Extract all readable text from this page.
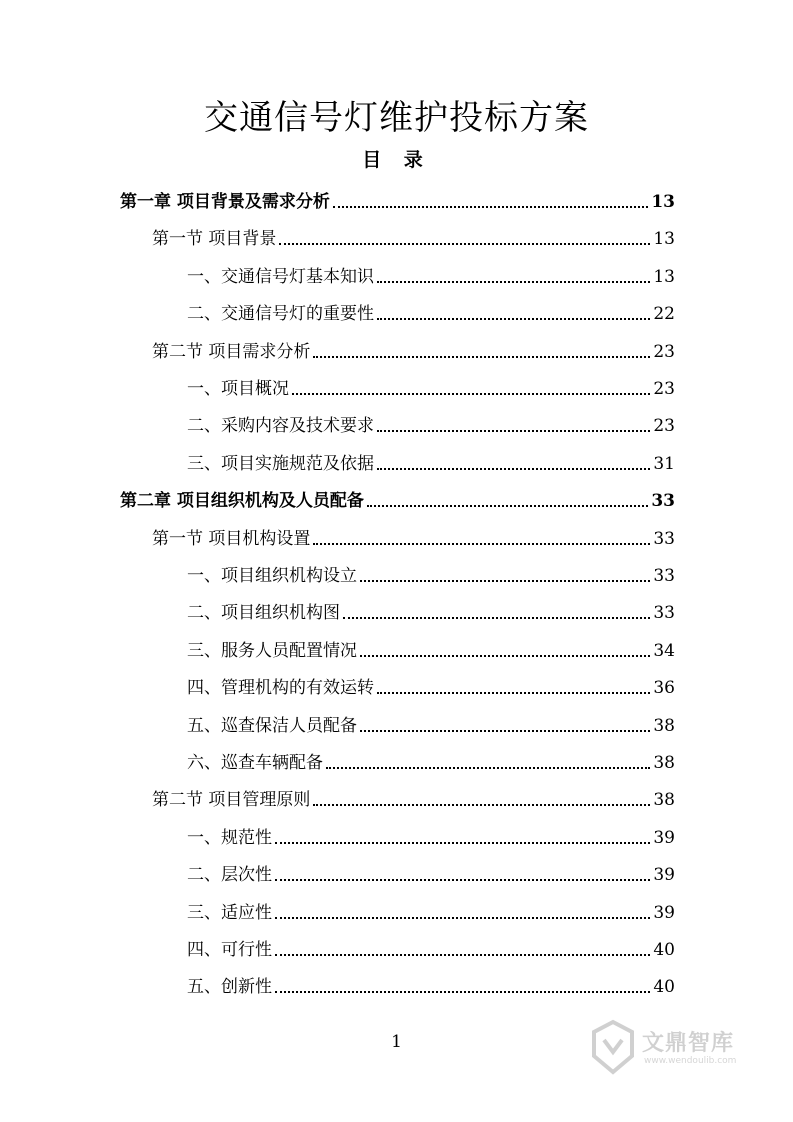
交通信号灯维护投标方案
目 录
第一章 项目背景及需求分析	13
第一节 项目背景	13
一、交通信号灯基本知识	13
二、交通信号灯的重要性	22
第二节 项目需求分析	23
一、项目概况	23
二、采购内容及技术要求	23
三、项目实施规范及依据	31
第二章 项目组织机构及人员配备	33
第一节 项目机构设置	33
一、项目组织机构设立	33
二、项目组织机构图	33
三、服务人员配置情况	34
四、管理机构的有效运转	36
五、巡查保洁人员配备	38
六、巡查车辆配备	38
第二节 项目管理原则	38
一、规范性	39
二、层次性	39
三、适应性	39
四、可行性	40
五、创新性	40
1	文鼎智库
www.wendoulib.com
